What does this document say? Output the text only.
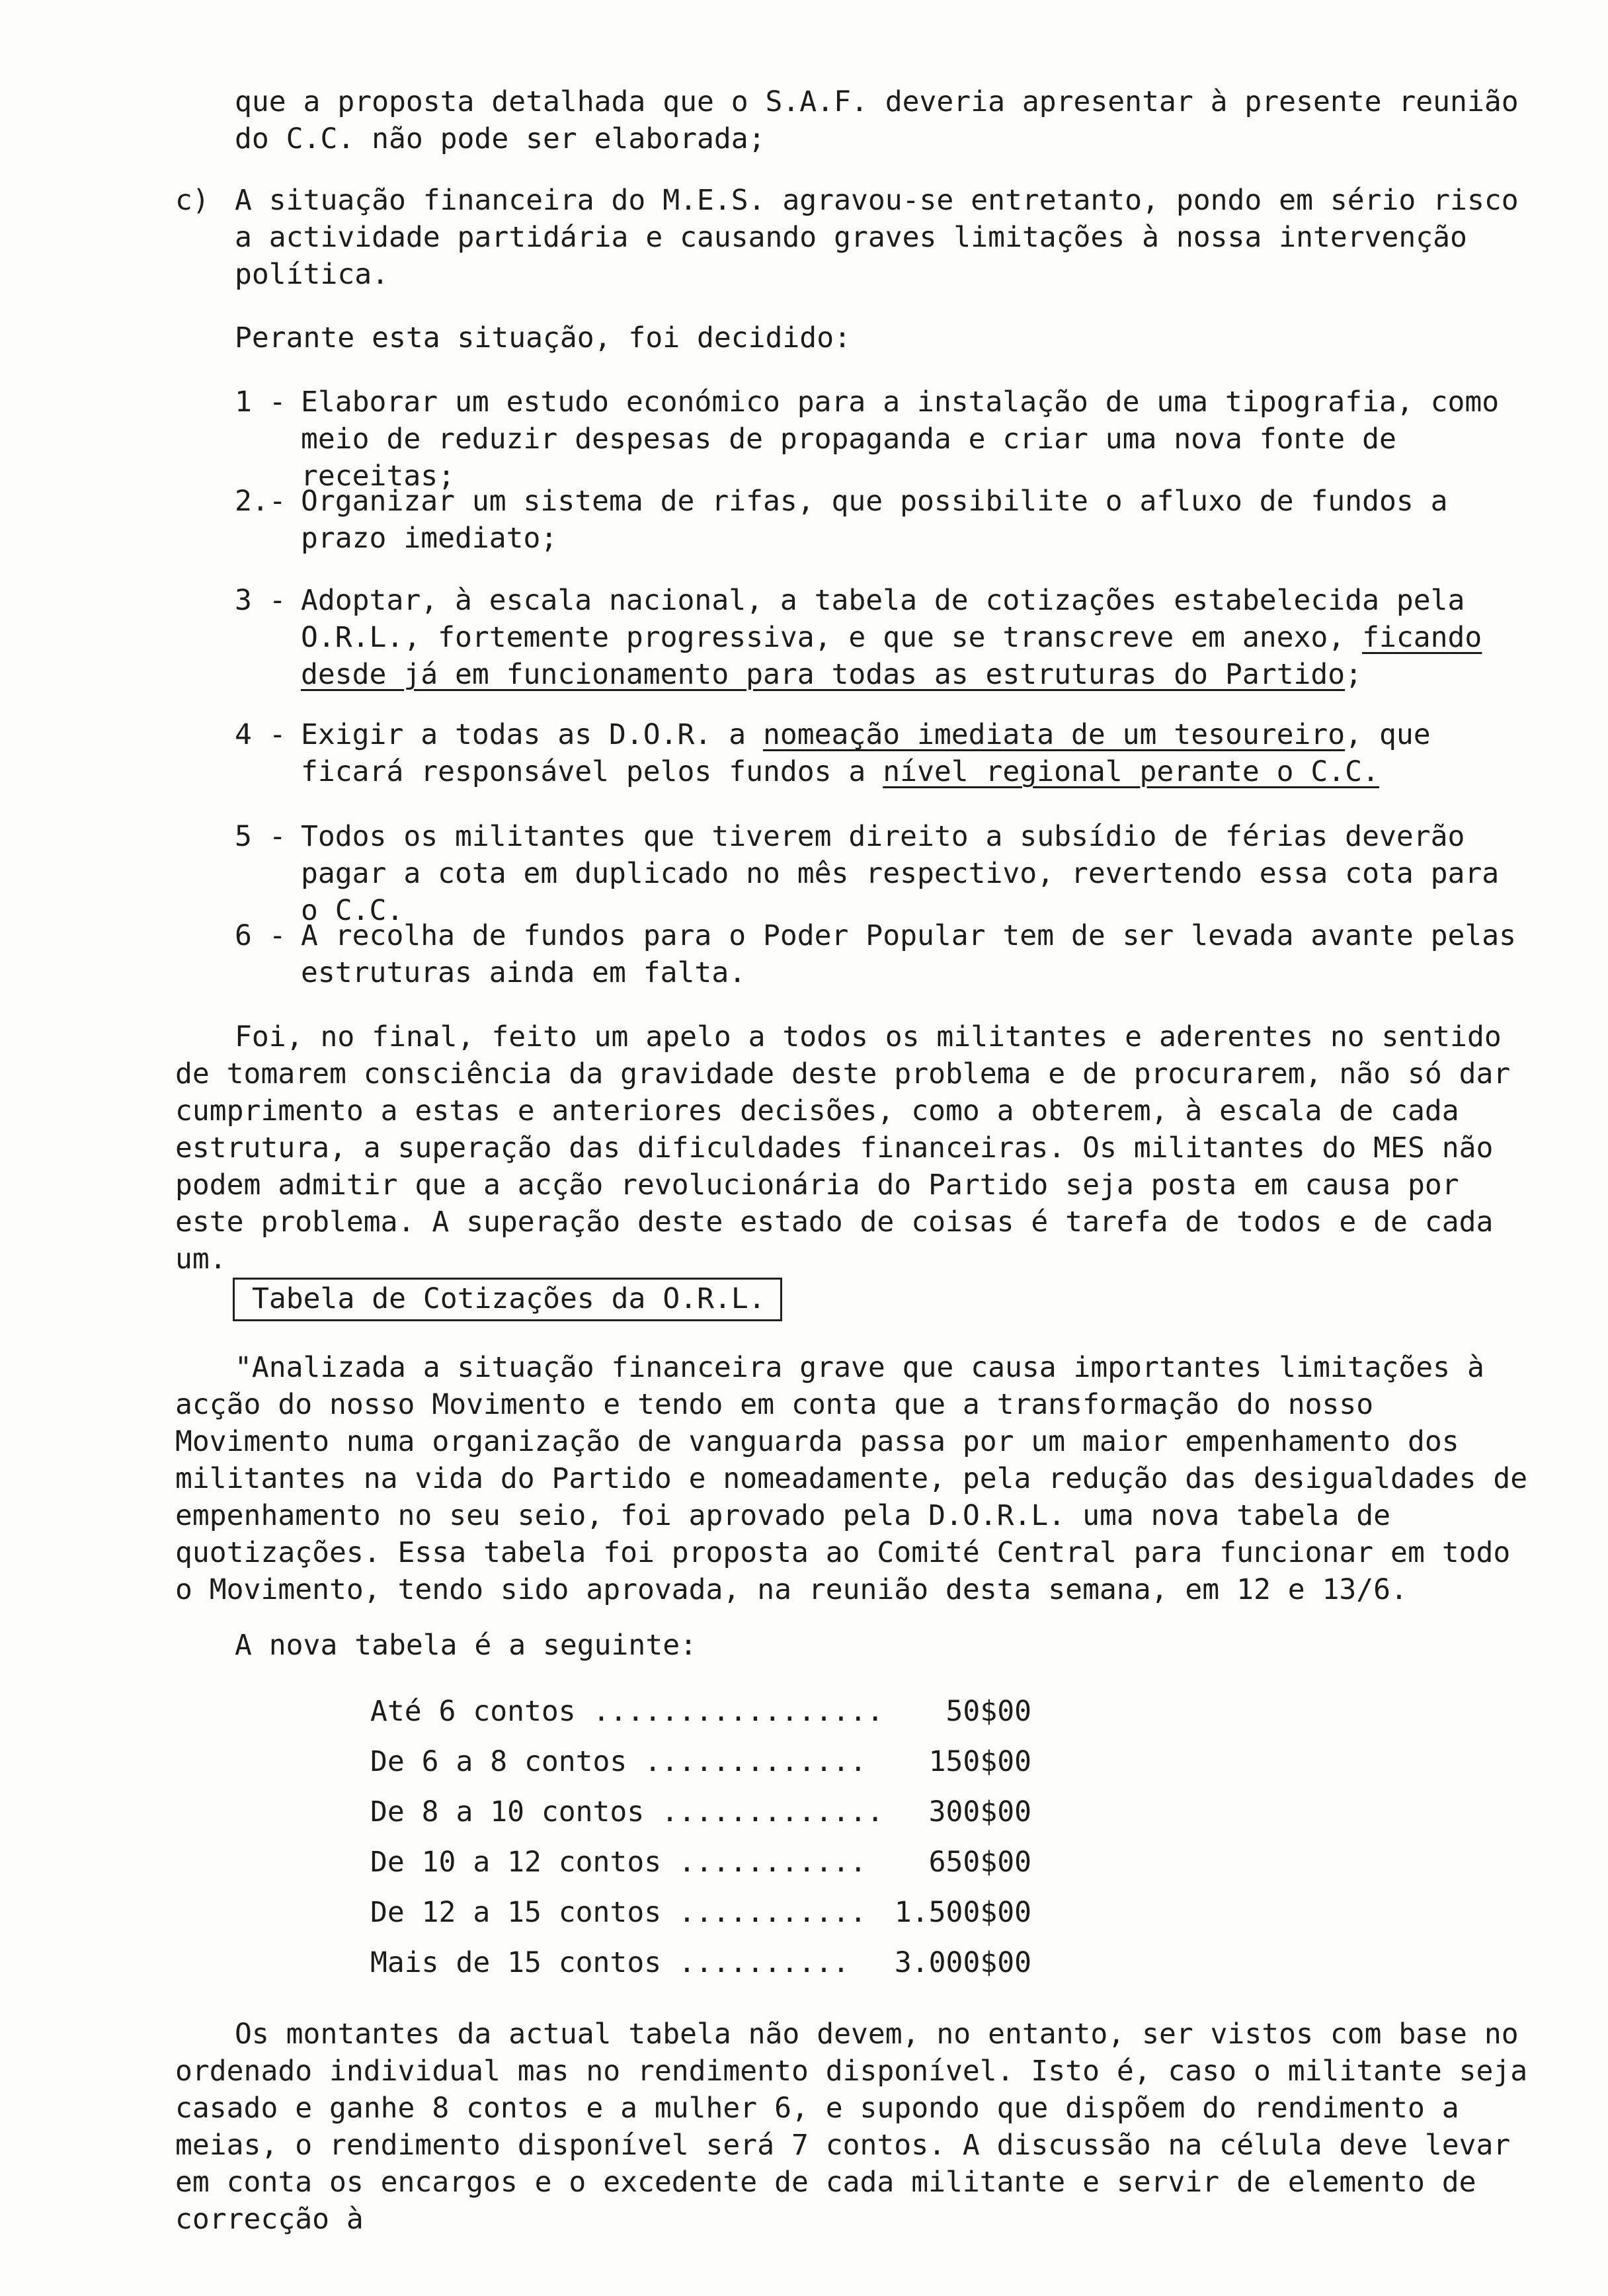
que a proposta detalhada que o S.A.F. deveria apresentar à presente reunião do C.C. não pode ser elaborada;

c) A situação financeira do M.E.S. agravou-se entretanto, pondo em sério risco a actividade partidária e causando graves limitações à nossa intervenção política.

Perante esta situação, foi decidido:

1 - Elaborar um estudo económico para a instalação de uma tipografia, como meio de reduzir despesas de propaganda e criar uma nova fonte de receitas;
2.- Organizar um sistema de rifas, que possibilite o afluxo de fundos a prazo imediato;
3 - Adoptar, à escala nacional, a tabela de cotizações estabelecida pela O.R.L., fortemente progressiva, e que se transcreve em anexo, ficando desde já em funcionamento para todas as estruturas do Partido;
4 - Exigir a todas as D.O.R. a nomeação imediata de um tesoureiro, que ficará responsável pelos fundos a nível regional perante o C.C.
5 - Todos os militantes que tiverem direito a subsídio de férias deverão pagar a cota em duplicado no mês respectivo, revertendo essa cota para o C.C.
6 - A recolha de fundos para o Poder Popular tem de ser levada avante pelas estruturas ainda em falta.

Foi, no final, feito um apelo a todos os militantes e aderentes no sentido de tomarem consciência da gravidade deste problema e de procurarem, não só dar cumprimento a estas e anteriores decisões, como a obterem, à escala de cada estrutura, a superação das dificuldades financeiras. Os militantes do MES não podem admitir que a acção revolucionária do Partido seja posta em causa por este problema. A superação deste estado de coisas é tarefa de todos e de cada um.

Tabela de Cotizações da O.R.L.

"Analizada a situação financeira grave que causa importantes limitações à acção do nosso Movimento e tendo em conta que a transformação do nosso Movimento numa organização de vanguarda passa por um maior empenhamento dos militantes na vida do Partido e nomeadamente, pela redução das desigualdades de empenhamento no seu seio, foi aprovado pela D.O.R.L. uma nova tabela de quotizações. Essa tabela foi proposta ao Comité Central para funcionar em todo o Movimento, tendo sido aprovada, na reunião desta semana, em 12 e 13/6.

A nova tabela é a seguinte:

Até 6 contos ................. 50$00
De 6 a 8 contos ............. 150$00
De 8 a 10 contos ............. 300$00
De 10 a 12 contos ........... 650$00
De 12 a 15 contos ........... 1.500$00
Mais de 15 contos .......... 3.000$00

Os montantes da actual tabela não devem, no entanto, ser vistos com base no ordenado individual mas no rendimento disponível. Isto é, caso o militante seja casado e ganhe 8 contos e a mulher 6, e supondo que dispõem do rendimento a meias, o rendimento disponível será 7 contos. A discussão na célula deve levar em conta os encargos e o excedente de cada militante e servir de elemento de correcção à
